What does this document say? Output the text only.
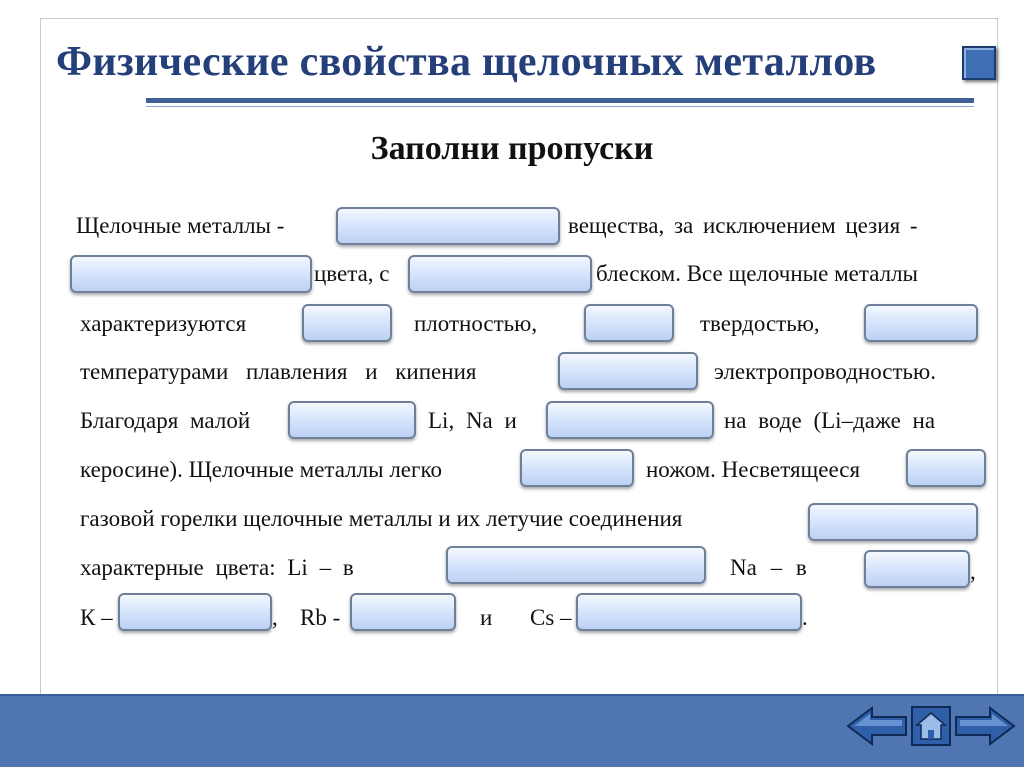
Физические свойства щелочных металлов
Заполни пропуски
Щелочные металлы -	вещества, за исключением цезия -
цвета, с	блеском. Все щелочные металлы
характеризуются	плотностью,	твердостью,
температурами плавления и кипения	электропроводностью.
Благодаря малой	Li, Na и	на воде (Li–даже на
керосине). Щелочные металлы легко	ножом. Несветящееся
газовой горелки щелочные металлы и их летучие соединения
характерные цвета: Li – в	Na – в	,
К –	, Rb -	и Cs –	.
